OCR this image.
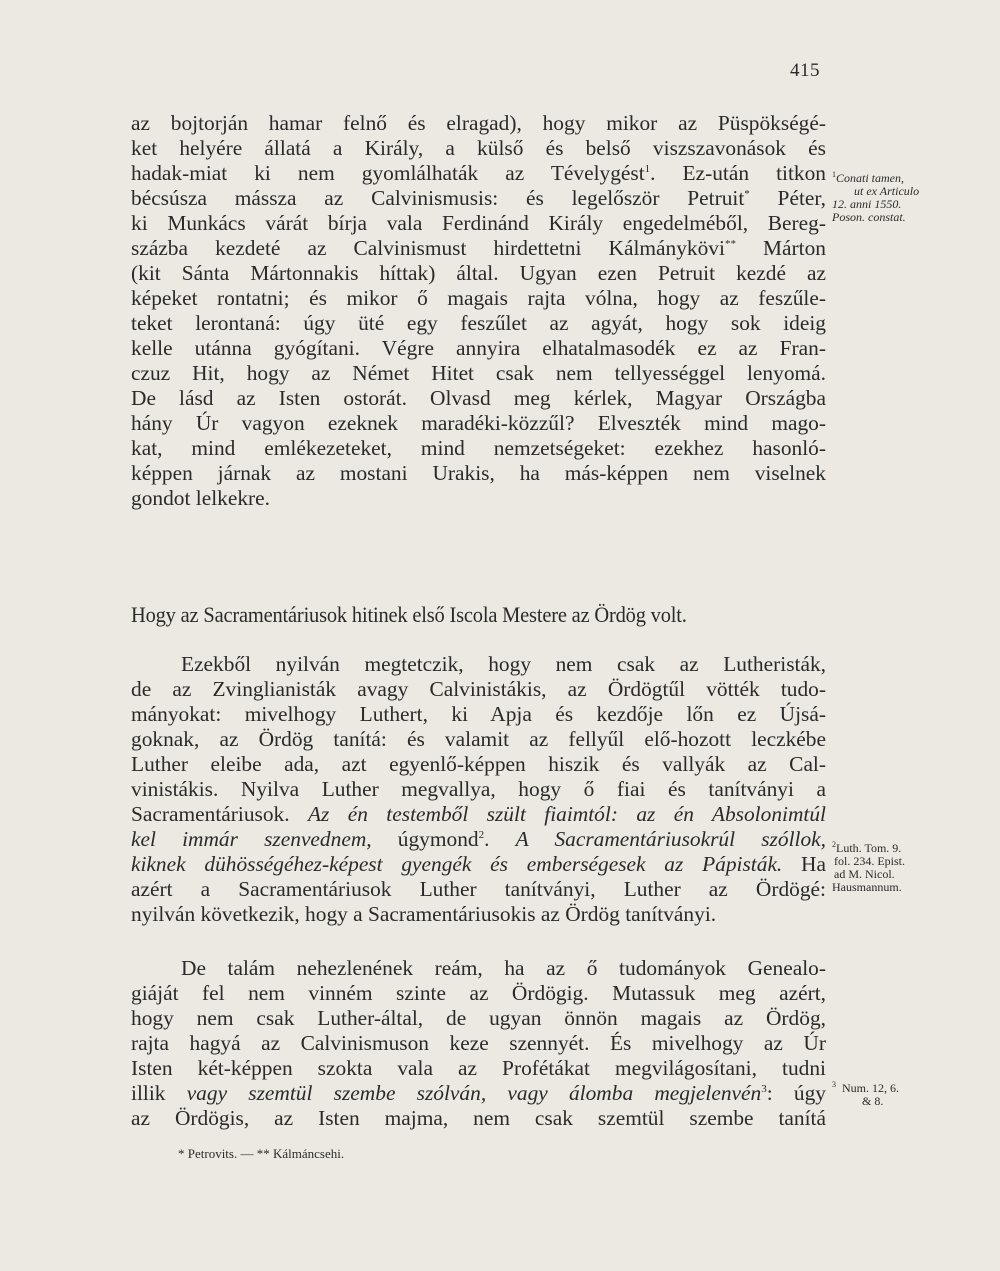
415
az bojtorján hamar felnő és elragad), hogy mikor az Püspökségé-
ket helyére állatá a Király, a külső és belső viszszavonások és
hadak-miat ki nem gyomlálhaták az Tévelygést$^1$. Ez-után titkon
bécsúsza mássza az Calvinismusis: és legelőször Petruit* Péter,
ki Munkács várát bírja vala Ferdinánd Király engedelméből, Bereg-
százba kezdeté az Calvinismust hirdettetni Kálmánykövi** Márton
(kit Sánta Mártonnakis híttak) által. Ugyan ezen Petruit kezdé az
képeket rontatni; és mikor ő magais rajta vólna, hogy az feszűle-
teket lerontaná: úgy üté egy feszűlet az agyát, hogy sok ideig
kelle utánna gyógítani. Végre annyira elhatalmasodék ez az Fran-
czuz Hit, hogy az Német Hitet csak nem tellyességgel lenyomá.
De lásd az Isten ostorát. Olvasd meg kérlek, Magyar Országba
hány Úr vagyon ezeknek maradéki-közzűl? Elveszték mind mago-
kat, mind emlékezeteket, mind nemzetségeket: ezekhez hasonló-
képpen járnak az mostani Urakis, ha más-képpen nem viselnek
gondot lelkekre.
$^1$Conati tamen,
ut ex Articulo
12. anni 1550.
Poson. constat.
Hogy az Sacramentáriusok hitinek első Iscola Mestere az Ördög volt.
Ezekből nyilván megtetczik, hogy nem csak az Lutheristák,
de az Zvinglianisták avagy Calvinistákis, az Ördögtűl vötték tudo-
mányokat: mivelhogy Luthert, ki Apja és kezdője lőn ez Újsá-
goknak, az Ördög tanítá: és valamit az fellyűl elő-hozott leczkébe
Luther eleibe ada, azt egyenlő-képpen hiszik és vallyák az Cal-
vinistákis. Nyilva Luther megvallya, hogy ő fiai és tanítványi a
Sacramentáriusok. Az én testemből szült fiaimtól: az én Absolonimtúl
kel immár szenvednem, úgymond$^2$. A Sacramentáriusokrúl szóllok,
kiknek dühösségéhez-képest gyengék és emberségesek az Pápisták. Ha
azért a Sacramentáriusok Luther tanítványi, Luther az Ördögé:
nyilván következik, hogy a Sacramentáriusokis az Ördög tanítványi.
$^2$Luth. Tom. 9.
fol. 234. Epist.
ad M. Nicol.
Hausmannum.
De talám nehezlenének reám, ha az ő tudományok Genealo-
giáját fel nem vinném szinte az Ördögig. Mutassuk meg azért,
hogy nem csak Luther-által, de ugyan önnön magais az Ördög,
rajta hagyá az Calvinismuson keze szennyét. És mivelhogy az Úr
Isten két-képpen szokta vala az Profétákat megvilágosítani, tudni
illik vagy szemtül szembe szólván, vagy álomba megjelenvén$^3$: úgy
az Ördögis, az Isten majma, nem csak szemtül szembe tanítá
$^3$ Num. 12, 6.
& 8.
* Petrovits. — ** Kálmáncsehi.
